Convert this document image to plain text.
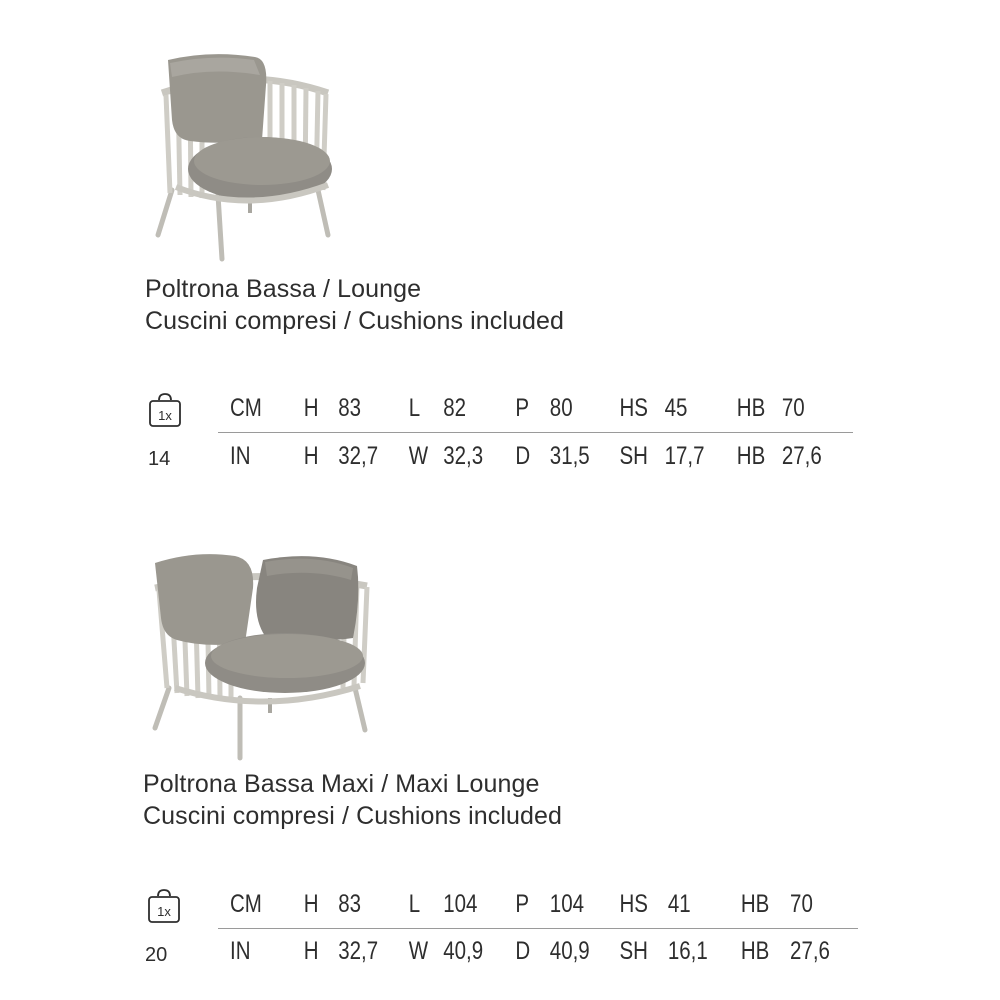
Poltrona Bassa / Lounge
Cuscini compresi / Cushions included
1x
14
CM H 83 L 82 P 80 HS 45 HB 70
IN H 32,7 W 32,3 D 31,5 SH 17,7 HB 27,6
Poltrona Bassa Maxi / Maxi Lounge
Cuscini compresi / Cushions included
1x
20
CM H 83 L 104 P 104 HS 41 HB 70
IN H 32,7 W 40,9 D 40,9 SH 16,1 HB 27,6
